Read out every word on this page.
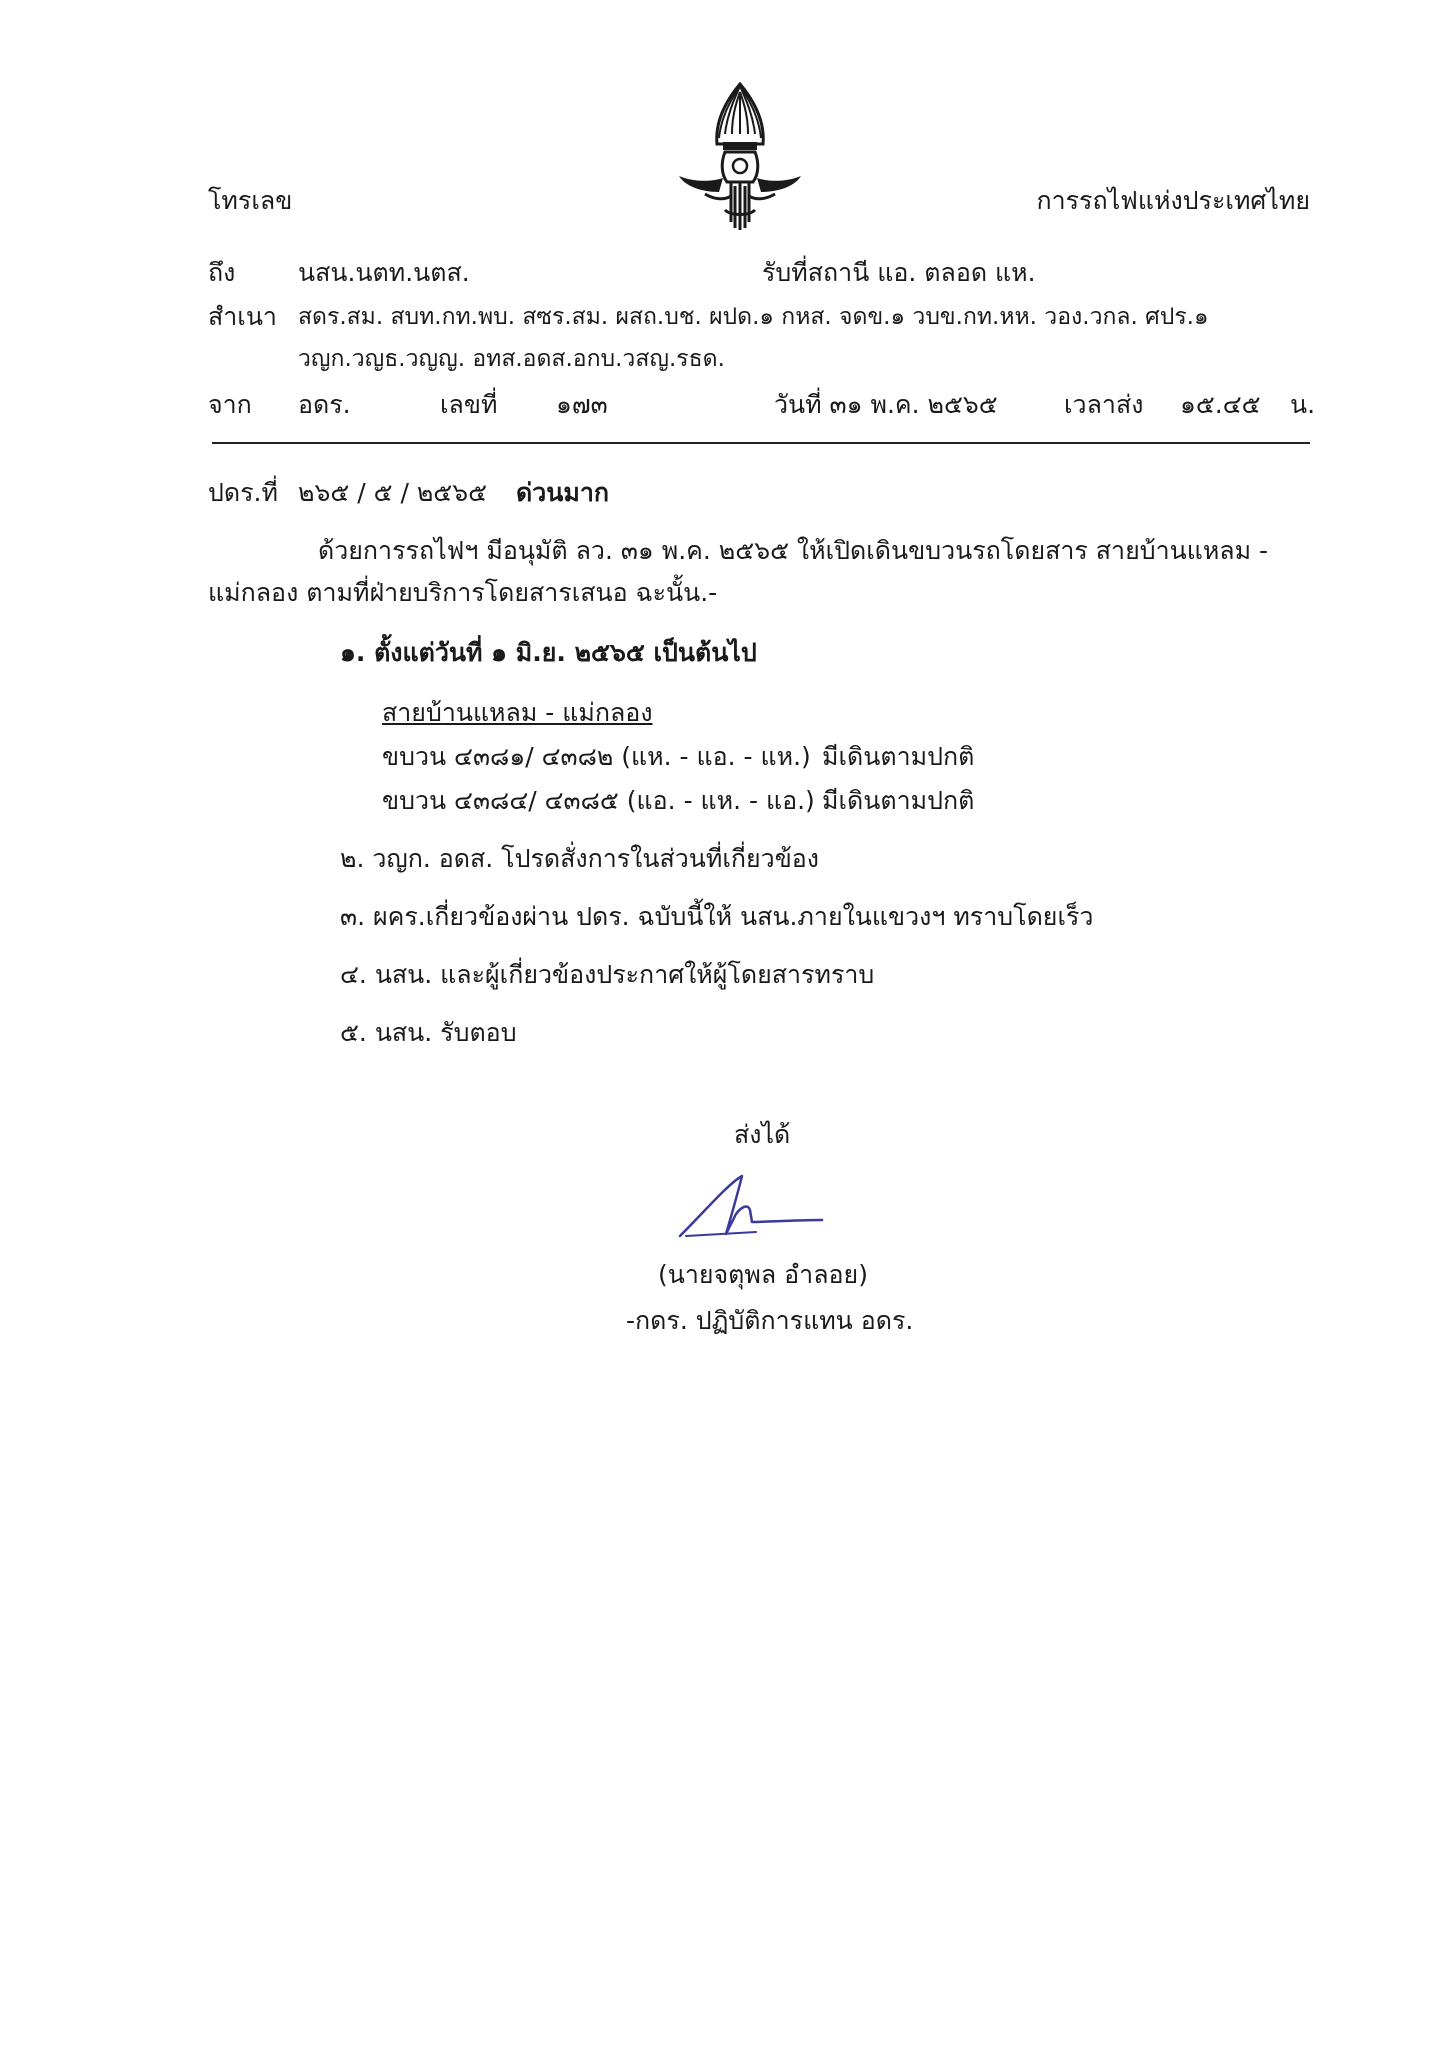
โทรเลข	การรถไฟแห่งประเทศไทย
ถึง	นสน.นตท.นตส.	รับที่สถานี แอ. ตลอด แห.
สำเนา สดร.สม. สบท.กท.พบ. สซร.สม. ผสถ.บช. ผปด.๑ กหส. จดข.๑ วบข.กท.หห. วอง.วกล. ศปร.๑
วญก.วญธ.วญญ. อทส.อดส.อกบ.วสญ.รธด.
จาก อดร.	เลขที่ ๑๗๓	วันที่ ๓๑ พ.ค. ๒๕๖๕	เวลาส่ง ๑๕.๔๕ น.
ปดร.ที่ ๒๖๕ / ๕ / ๒๕๖๕ ด่วนมาก
ด้วยการรถไฟฯ มีอนุมัติ ลว. ๓๑ พ.ค. ๒๕๖๕ ให้เปิดเดินขบวนรถโดยสาร สายบ้านแหลม -
แม่กลอง ตามที่ฝ่ายบริการโดยสารเสนอ ฉะนั้น.-
๑. ตั้งแต่วันที่ ๑ มิ.ย. ๒๕๖๕ เป็นต้นไป
สายบ้านแหลม - แม่กลอง
ขบวน ๔๓๘๑/ ๔๓๘๒ (แห. - แอ. - แห.) มีเดินตามปกติ
ขบวน ๔๓๘๔/ ๔๓๘๕ (แอ. - แห. - แอ.) มีเดินตามปกติ
๒. วญก. อดส. โปรดสั่งการในส่วนที่เกี่ยวข้อง
๓. ผคร.เกี่ยวข้องผ่าน ปดร. ฉบับนี้ให้ นสน.ภายในแขวงฯ ทราบโดยเร็ว
๔. นสน. และผู้เกี่ยวข้องประกาศให้ผู้โดยสารทราบ
๕. นสน. รับตอบ
ส่งได้
(นายจตุพล อำลอย)
-กดร. ปฏิบัติการแทน อดร.
